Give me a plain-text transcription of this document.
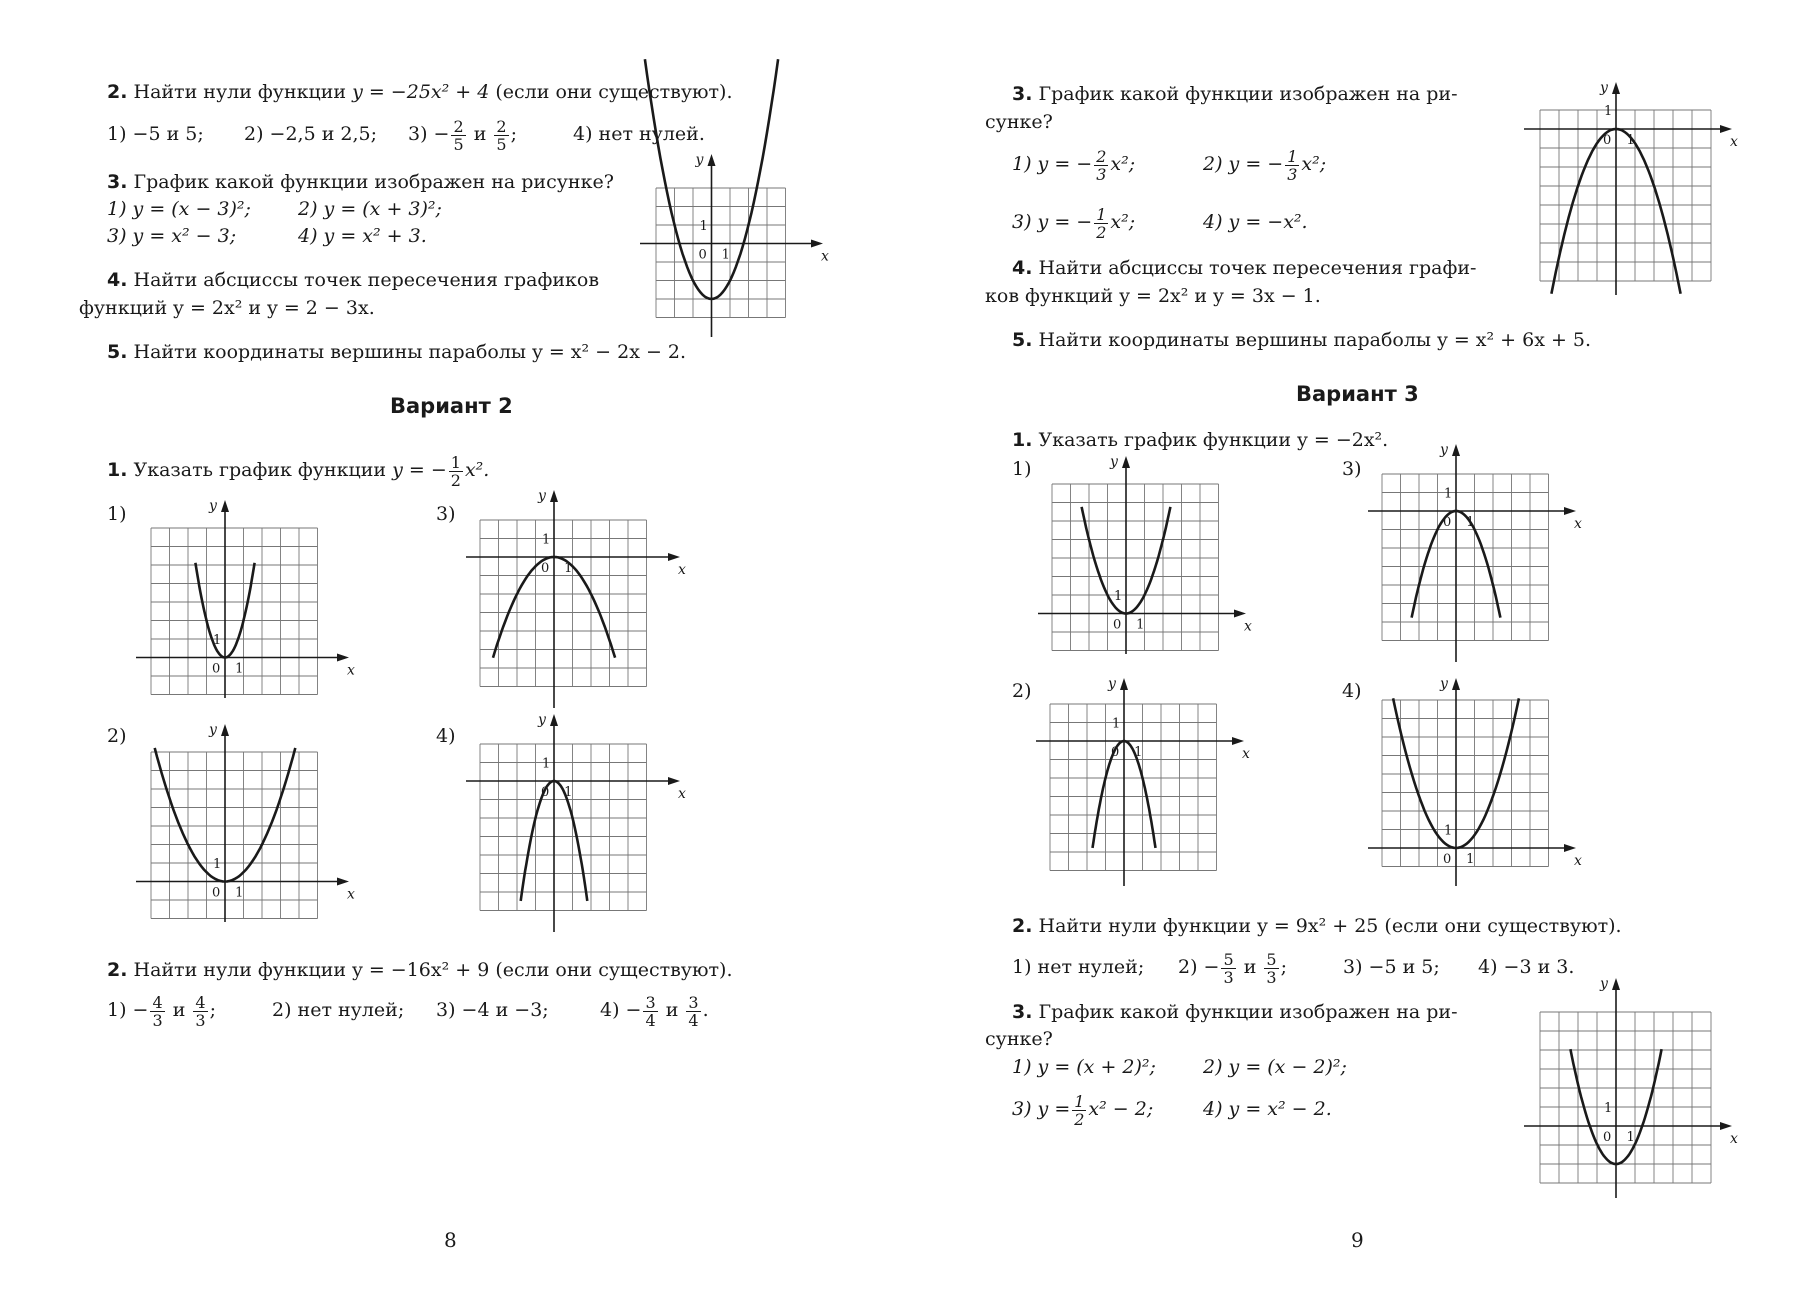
2. Найти нули функции y = −25x² + 4 (если они существуют).
1) −5 и 5; 2) −2,5 и 2,5; $3) - \frac{2}{5}$ и $\frac{2}{5}$ ;	4) нет нулей.
3. График какой функции изображен на рисунке?
1) y = (x − 3)²; 2) y = (x + 3)²;
3) y = x² − 3;	4) y = x² + 3.
4. Найти абсциссы точек пересечения графиков
функций y = 2x² и y = 2 − 3x.
5. Найти координаты вершины параболы y = x² − 2x − 2.
Вариант 2
1. Указать график функции y = − $\frac{1}{2} x^2$.
1)	3)
2)	4)
2. Найти нули функции y = −16x² + 9 (если они существуют).
$1) - \frac{4}{3}$ и $\frac{4}{3}$ ;	2) нет нулей; 3) −4 и −3;	$4) - \frac{3}{4}$ и $\frac{3}{4}$ .
8
3. График какой функции изображен на ри-
сунке?
1) y = − $\frac{2}{3} x^2$;	2) y = − $\frac{1}{3} x^2$;
3) y = − $\frac{1}{2} x^2$;	4) y = −x².
4. Найти абсциссы точек пересечения графи-
ков функций y = 2x² и y = 3x − 1.
5. Найти координаты вершины параболы y = x² + 6x + 5.
Вариант 3
1. Указать график функции y = −2x².
1)	3)
2)	4)
2. Найти нули функции y = 9x² + 25 (если они существуют).
1) нет нулей; $2) - \frac{5}{3}$ и $\frac{5}{3}$ ;	3) −5 и 5; 4) −3 и 3.
3. График какой функции изображен на ри-
сунке?
1) y = (x + 2)²; 2) y = (x − 2)²;
3) $y = \frac{1}{2} x^2 - 2$;	4) y = x² − 2.
9
x
y
0 1
1
x
y
0 1
1
x
y
0 1
1
x
y
0 1
1
x
y
0 1
1
x
y
0 1
1
x
y
0 1
1
x
y
0 1
1
x
y
0 1
1
x
y
0 1
1
x
y
0 1
1
